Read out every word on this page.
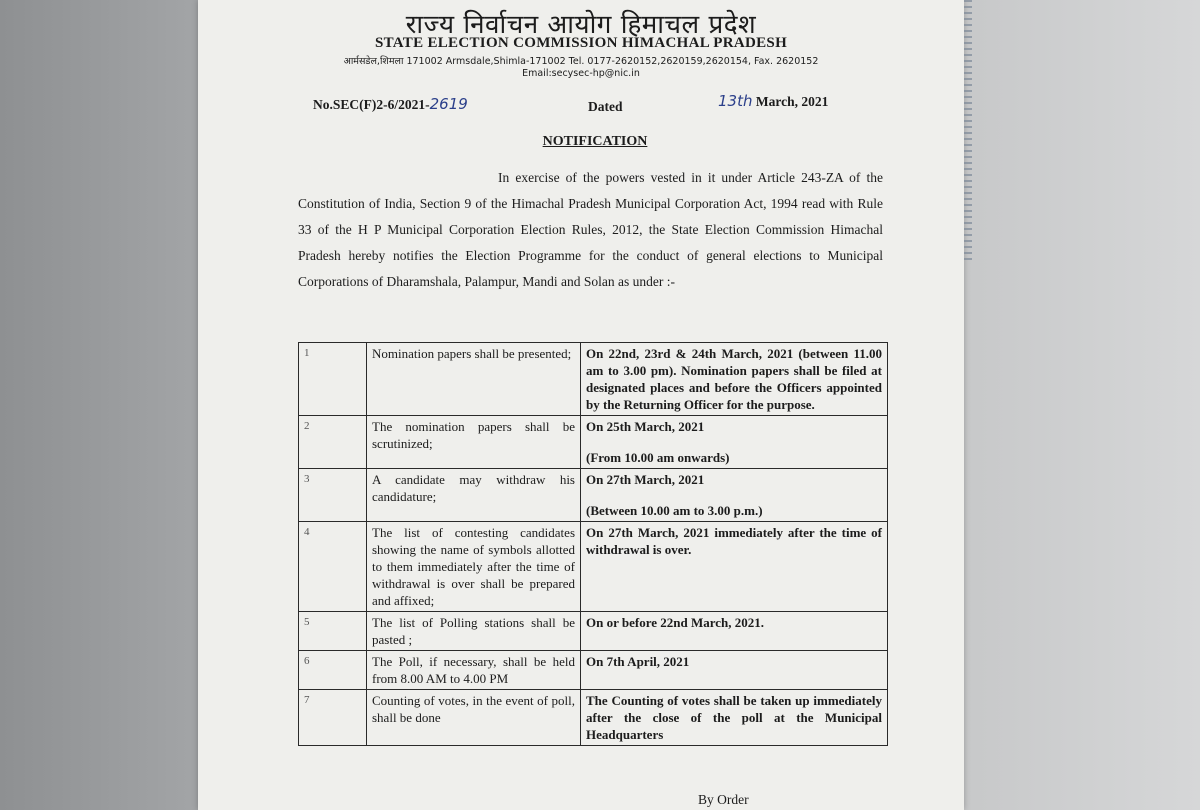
राज्य निर्वाचन आयोग हिमाचल प्रदेश
STATE ELECTION COMMISSION HIMACHAL PRADESH
आर्मसडेल,शिमला 171002 Armsdale,Shimla-171002 Tel. 0177-2620152,2620159,2620154, Fax. 2620152
Email:secysec-hp@nic.in
No.SEC(F)2-6/2021-2619	Dated	13th March, 2021
NOTIFICATION
In exercise of the powers vested in it under Article 243-ZA of the Constitution of India, Section 9 of the Himachal Pradesh Municipal Corporation Act, 1994 read with Rule 33 of the H P Municipal Corporation Election Rules, 2012, the State Election Commission Himachal Pradesh hereby notifies the Election Programme for the conduct of general elections to Municipal Corporations of Dharamshala, Palampur, Mandi and Solan as under :-
1	Nomination papers shall be presented;	On 22nd, 23rd & 24th March, 2021 (between 11.00 am to 3.00 pm). Nomination papers shall be filed at designated places and before the Officers appointed by the Returning Officer for the purpose.
2	The nomination papers shall be scrutinized;	On 25th March, 2021
(From 10.00 am onwards)

3	A candidate may withdraw his candidature;	On 27th March, 2021
(Between 10.00 am to 3.00 p.m.)

4	The list of contesting candidates showing the name of symbols allotted to them immediately after the time of withdrawal is over shall be prepared and affixed;	On 27th March, 2021 immediately after the time of withdrawal is over.
5	The list of Polling stations shall be pasted ;	On or before 22nd March, 2021.
6	The Poll, if necessary, shall be held from 8.00 AM to 4.00 PM	On 7th April, 2021
7	Counting of votes, in the event of poll, shall be done	The Counting of votes shall be taken up immediately after the close of the poll at the Municipal Headquarters
By Order
